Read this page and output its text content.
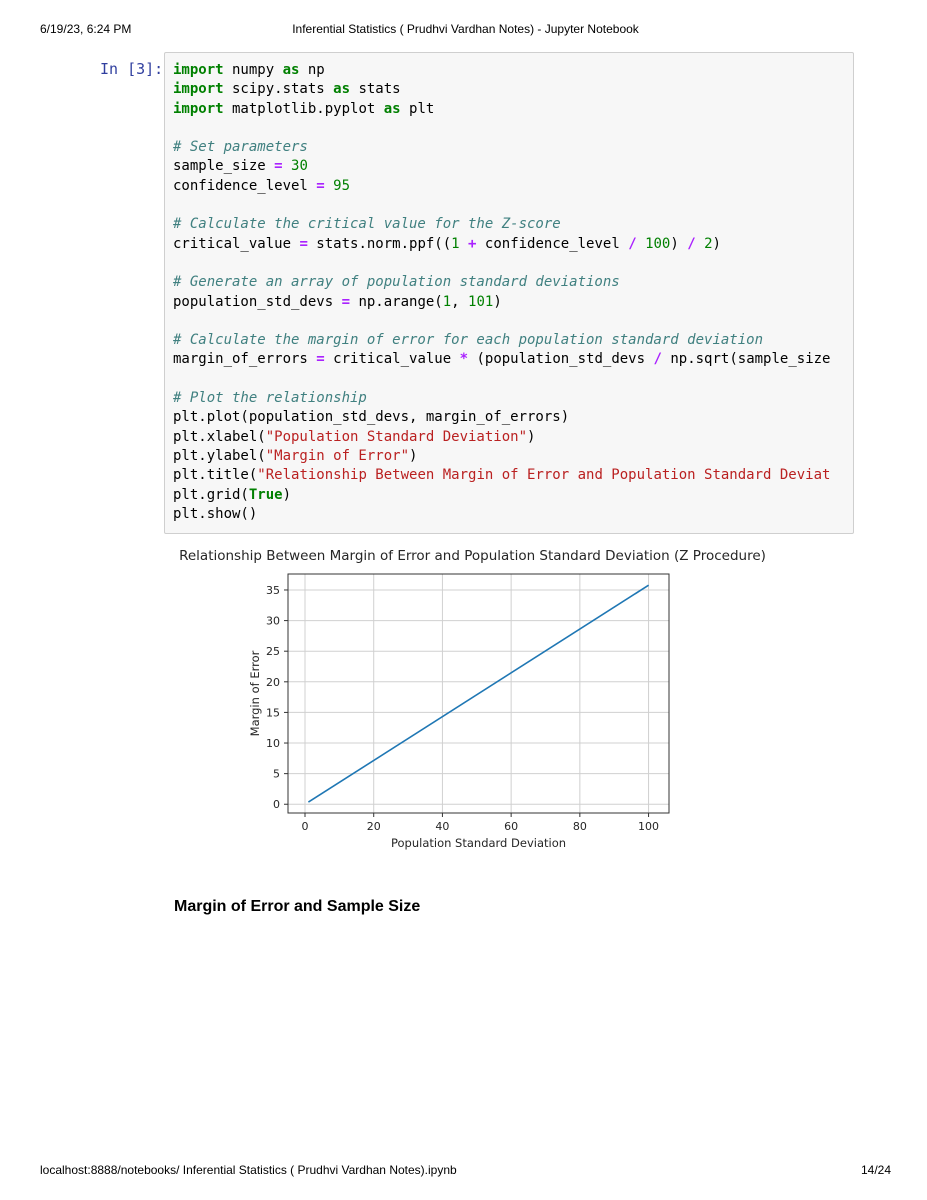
6/19/23, 6:24 PM	Inferential Statistics ( Prudhvi Vardhan Notes) - Jupyter Notebook
In [3]: import numpy as np
import scipy.stats as stats
import matplotlib.pyplot as plt

# Set parameters
sample_size = 30
confidence_level = 95

# Calculate the critical value for the Z-score
critical_value = stats.norm.ppf((1 + confidence_level / 100) / 2)

# Generate an array of population standard deviations
population_std_devs = np.arange(1, 101)

# Calculate the margin of error for each population standard deviation
margin_of_errors = critical_value * (population_std_devs / np.sqrt(sample_size

# Plot the relationship
plt.plot(population_std_devs, margin_of_errors)
plt.xlabel("Population Standard Deviation")
plt.ylabel("Margin of Error")
plt.title("Relationship Between Margin of Error and Population Standard Deviat
plt.grid(True)
plt.show()

Relationship Between Margin of Error and Population Standard Deviation (Z Procedure)
0	20	40	60	80	100
0
5
10
15
20
25
30
35
Population Standard Deviation
Margin of Error
Margin of Error and Sample Size
localhost:8888/notebooks/ Inferential Statistics ( Prudhvi Vardhan Notes).ipynb	14/24
